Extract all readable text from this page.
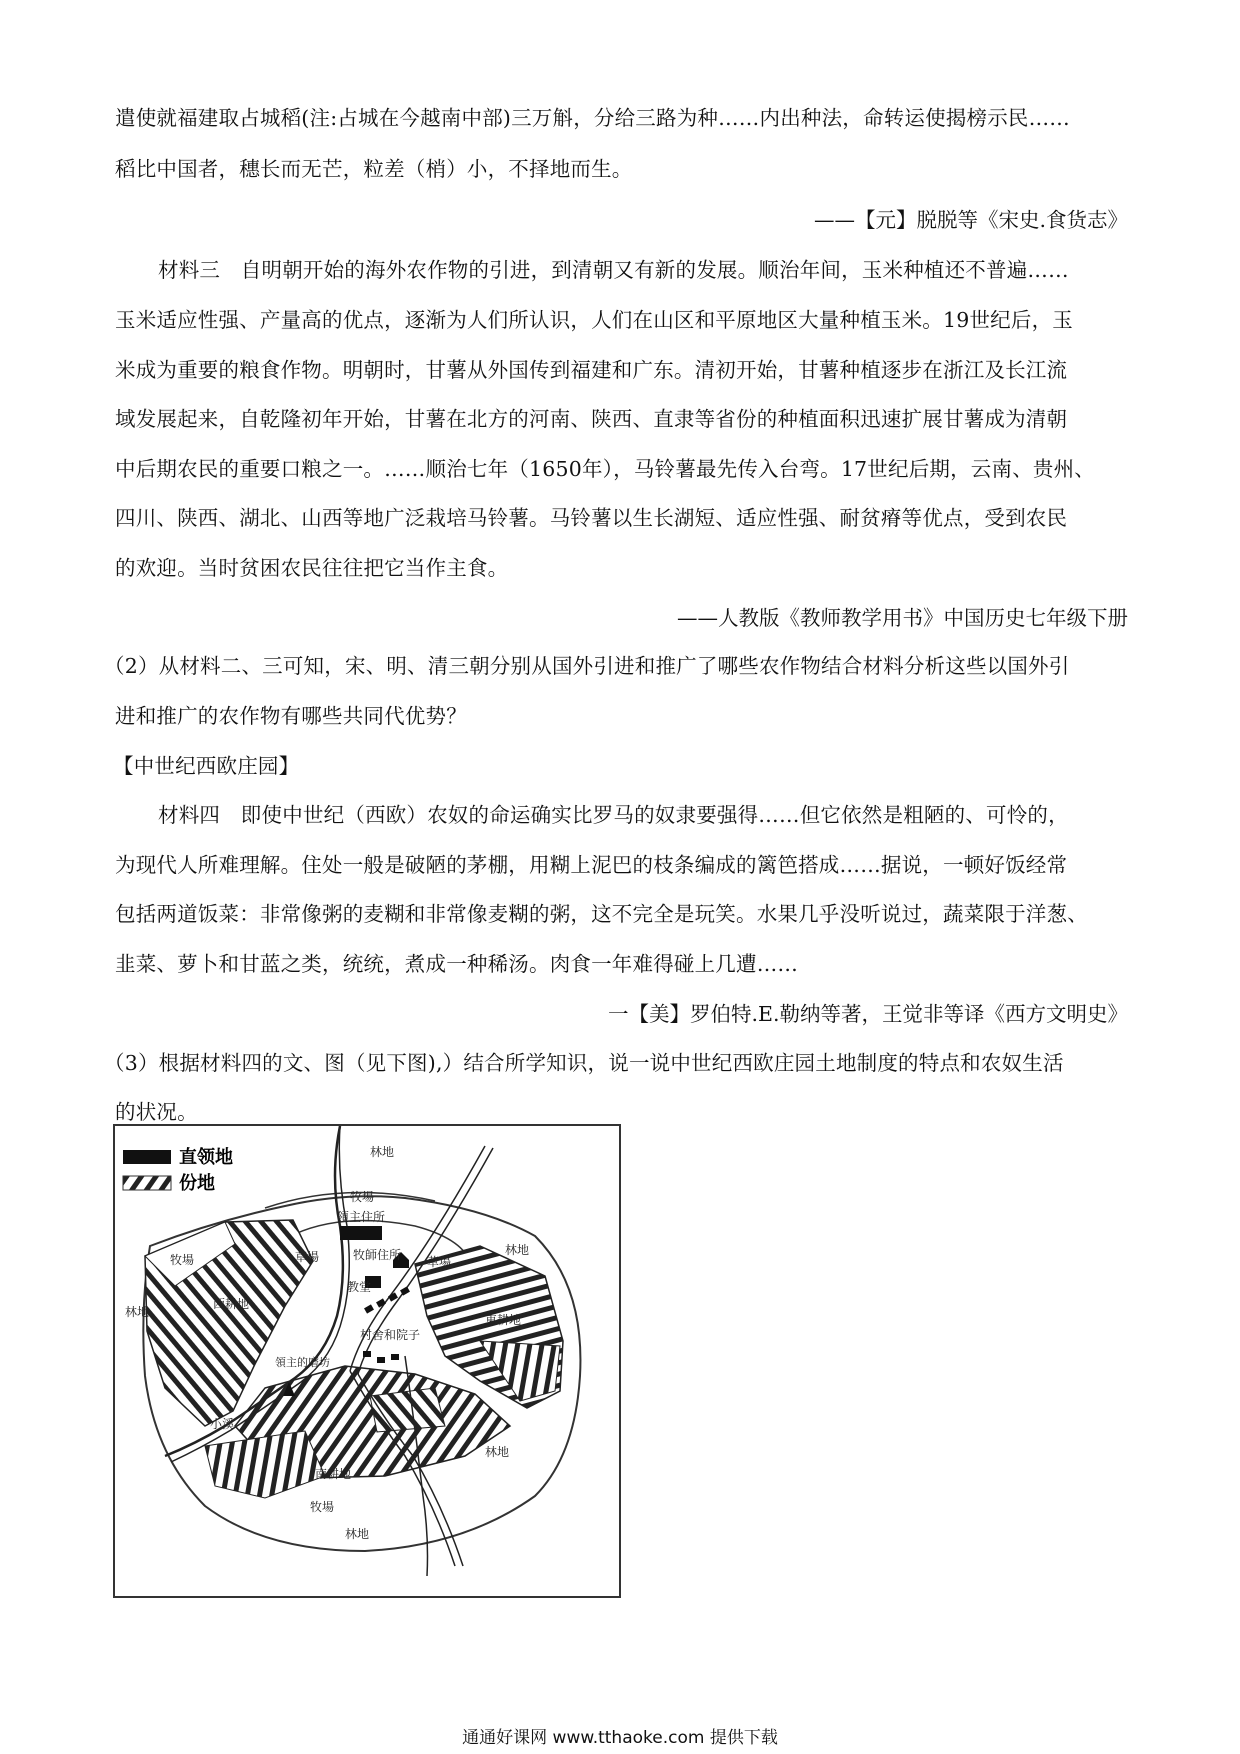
遣使就福建取占城稻(注:占城在今越南中部)三万斛，分给三路为种……内出种法，命转运使揭榜示民……
稻比中国者，穗长而无芒，粒差（梢）小，不择地而生。
——【元】脱脱等《宋史.食货志》
材料三　自明朝开始的海外农作物的引进，到清朝又有新的发展。顺治年间，玉米种植还不普遍……
玉米适应性强、产量高的优点，逐渐为人们所认识，人们在山区和平原地区大量种植玉米。19世纪后，玉
米成为重要的粮食作物。明朝时，甘薯从外国传到福建和广东。清初开始，甘薯种植逐步在浙江及长江流
域发展起来，自乾隆初年开始，甘薯在北方的河南、陕西、直隶等省份的种植面积迅速扩展甘薯成为清朝
中后期农民的重要口粮之一。……顺治七年（1650年），马铃薯最先传入台弯。17世纪后期，云南、贵州、
四川、陕西、湖北、山西等地广泛栽培马铃薯。马铃薯以生长湖短、适应性强、耐贫瘠等优点，受到农民
的欢迎。当时贫困农民往往把它当作主食。
——人教版《教师教学用书》中国历史七年级下册
（2）从材料二、三可知，宋、明、清三朝分别从国外引进和推广了哪些农作物结合材料分析这些以国外引
进和推广的农作物有哪些共同代优势？
【中世纪西欧庄园】
材料四　即使中世纪（西欧）农奴的命运确实比罗马的奴隶要强得……但它依然是粗陋的、可怜的，
为现代人所难理解。住处一般是破陋的茅棚，用糊上泥巴的枝条编成的篱笆搭成……据说，一顿好饭经常
包括两道饭菜：非常像粥的麦糊和非常像麦糊的粥，这不完全是玩笑。水果几乎没听说过，蔬菜限于洋葱、
韭菜、萝卜和甘蓝之类，统统，煮成一种稀汤。肉食一年难得碰上几遭……
一【美】罗伯特.E.勒纳等著，王觉非等译《西方文明史》
（3）根据材料四的文、图（见下图),）结合所学知识，说一说中世纪西欧庄园土地制度的特点和农奴生活
的状况。
直领地
份地
林地
牧場
林地
林地
林地
林地
牧場
牧場
草場	草場
領主住所
牧師住所
教堂
村舍和院子
領主的磨坊
小溪
西耕地
東耕地
南耕地
通通好课网 www.tthaoke.com 提供下载
